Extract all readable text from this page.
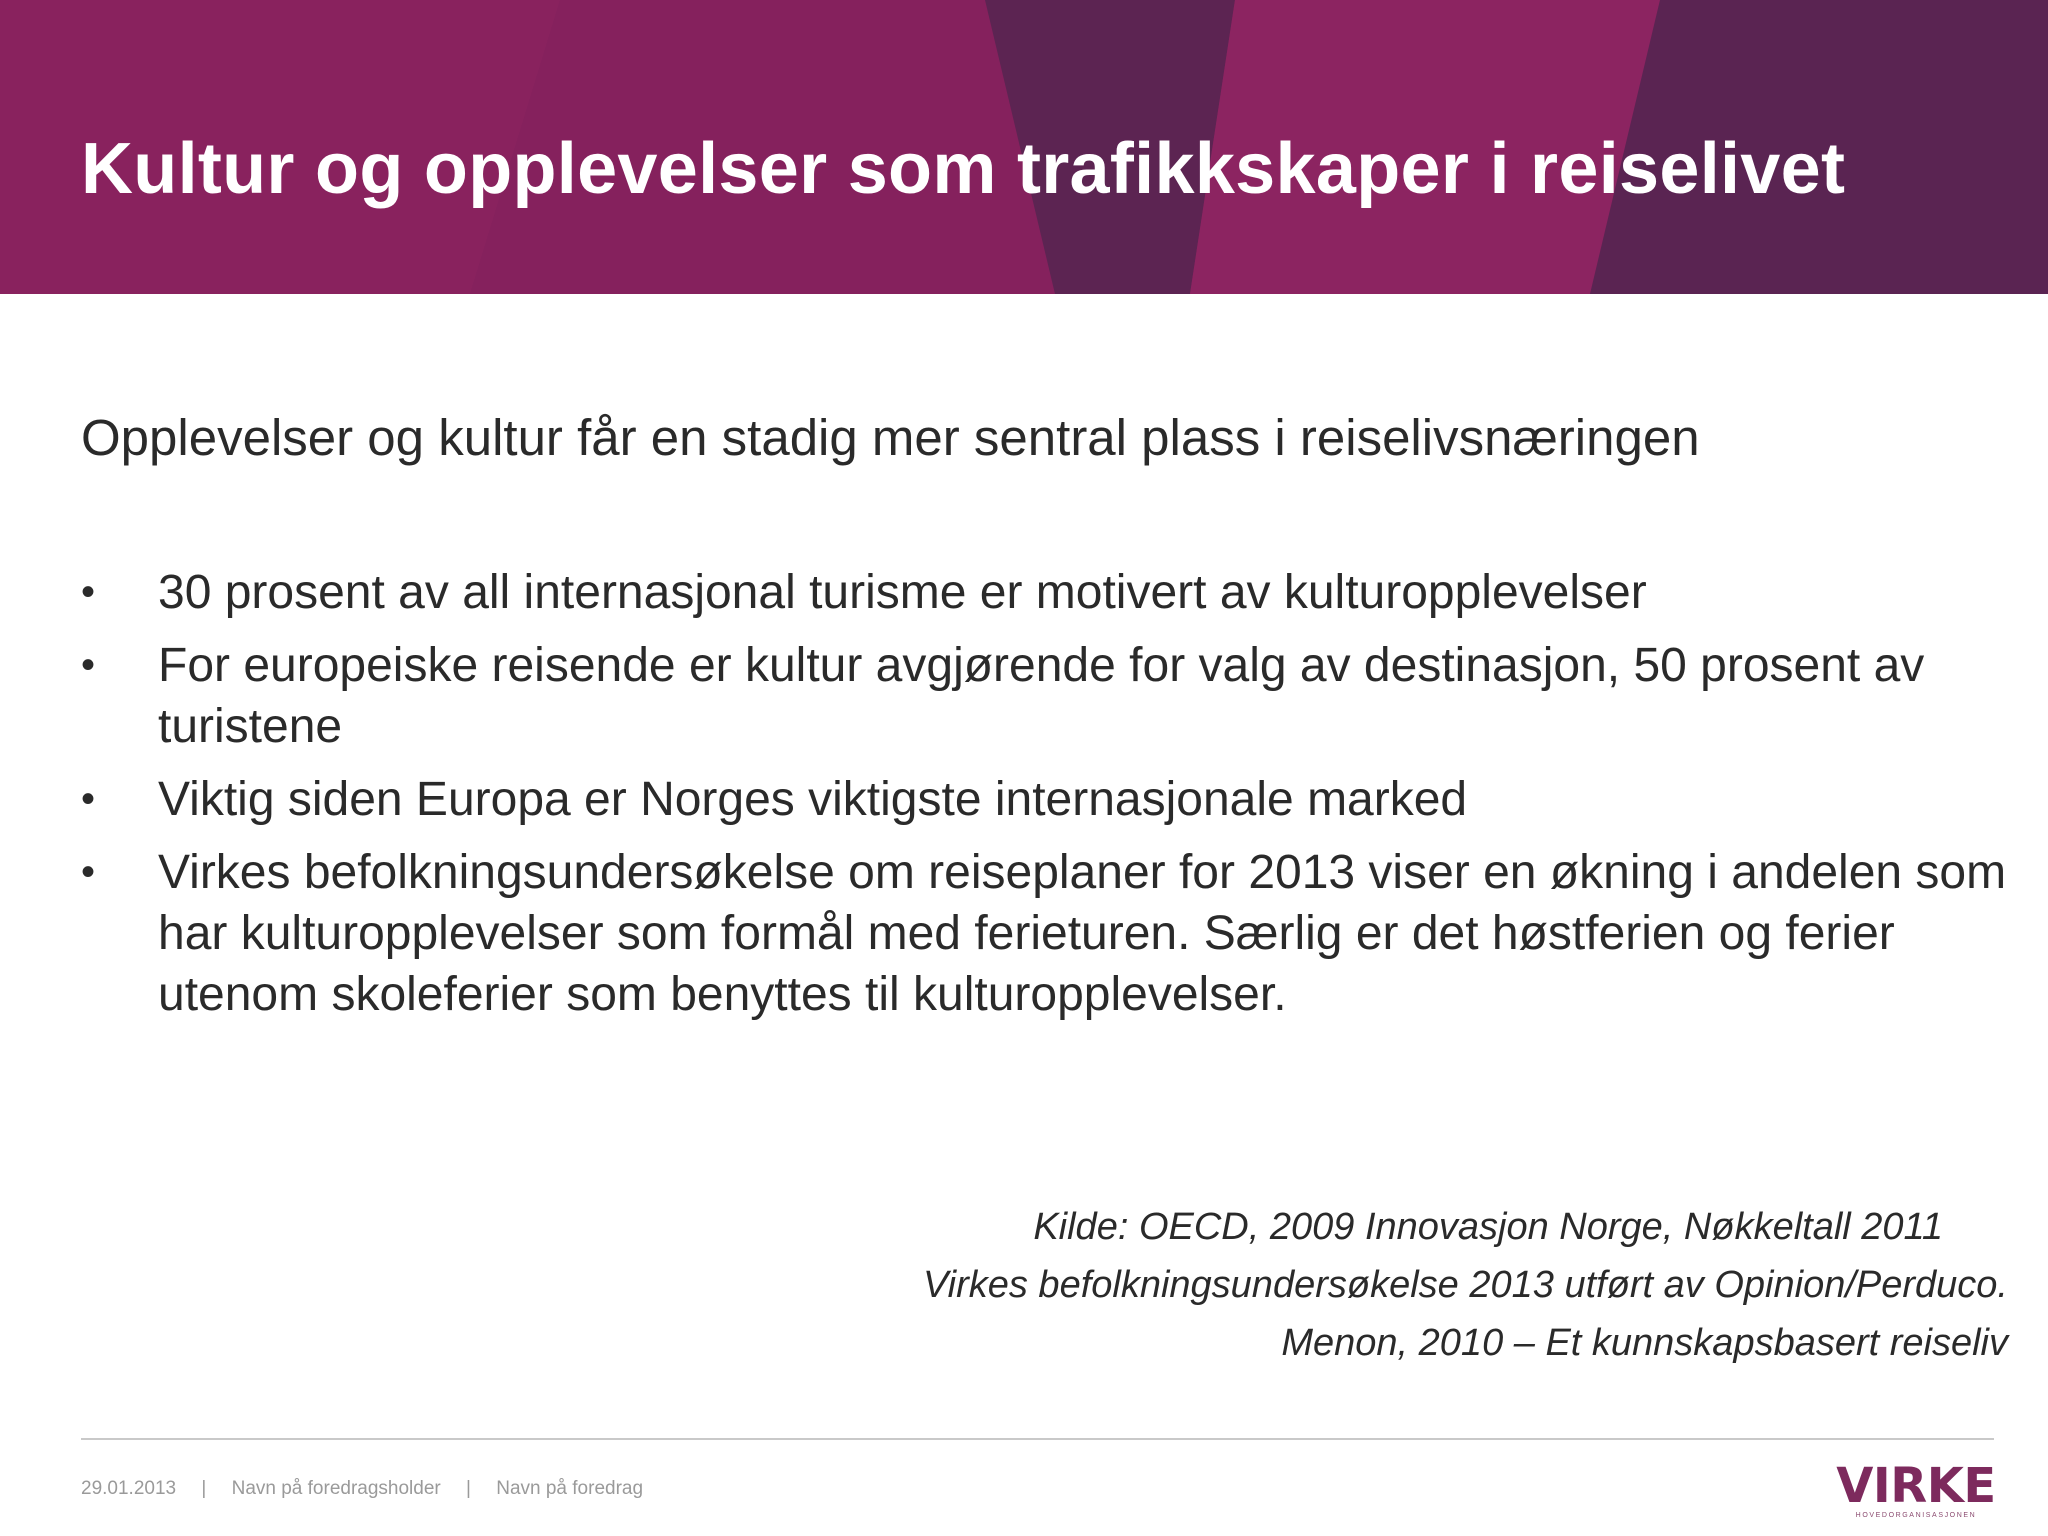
Kultur og opplevelser som trafikkskaper i reiselivet

Opplevelser og kultur får en stadig mer sentral plass i reiselivsnæringen

• 30 prosent av all internasjonal turisme er motivert av kulturopplevelser
• For europeiske reisende er kultur avgjørende for valg av destinasjon, 50 prosent av turistene
• Viktig siden Europa er Norges viktigste internasjonale marked
• Virkes befolkningsundersøkelse om reiseplaner for 2013 viser en økning i andelen som har kulturopplevelser som formål med ferieturen. Særlig er det høstferien og ferier utenom skoleferier som benyttes til kulturopplevelser.
Kilde: OECD, 2009 Innovasjon Norge, Nøkkeltall 2011
Virkes befolkningsundersøkelse 2013 utført av Opinion/Perduco.
Menon, 2010 – Et kunnskapsbasert reiseliv
29.01.2013 | Navn på foredragsholder | Navn på foredrag	VIRKE
HOVEDORGANISASJONEN
